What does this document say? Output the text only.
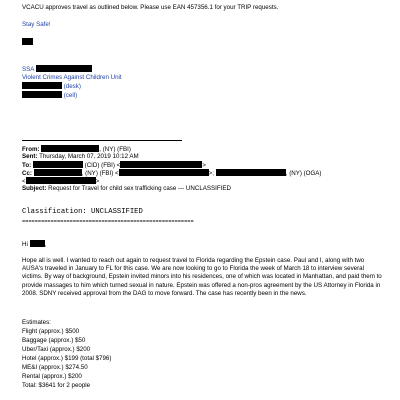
VCACU approves travel as outlined below. Please use EAN 457356.1 for your TRIP requests.
Stay Safe!
SSA
Violent Crimes Against Children Unit
(desk)
(cell)
From:	, (NY) (FBI)
Sent: Thursday, March 07, 2019 10:12 AM
To:	(CID) (FBI) <	>
Cc:	, (NY) (FBI) <	>;	, (NY) (OGA)
<	>
Subject: Request for Travel for child sex trafficking case --- UNCLASSIFIED
Classification: UNCLASSIFIED
======================================================
Hi	,
Hope all is well. I wanted to reach out again to request travel to Florida regarding the Epstein case. Paul and I, along with two AUSA's traveled in January to FL for this case. We are now looking to go to Florida the week of March 18 to interview several victims. By way of background, Epstein invited minors into his residences, one of which was located in Manhattan, and paid them to provide massages to him which turned sexual in nature. Epstein was offered a non-pros agreement by the US Attorney in Florida in 2008. SDNY received approval from the DAG to move forward. The case has recently been in the news.
Estimates:
Flight (approx.) $500
Baggage (approx.) $50
Uber/Taxi (approx.) $200
Hotel (approx.) $199 (total $796)
ME&I (approx.) $274.50
Rental (approx.) $200
Total: $3641 for 2 people
